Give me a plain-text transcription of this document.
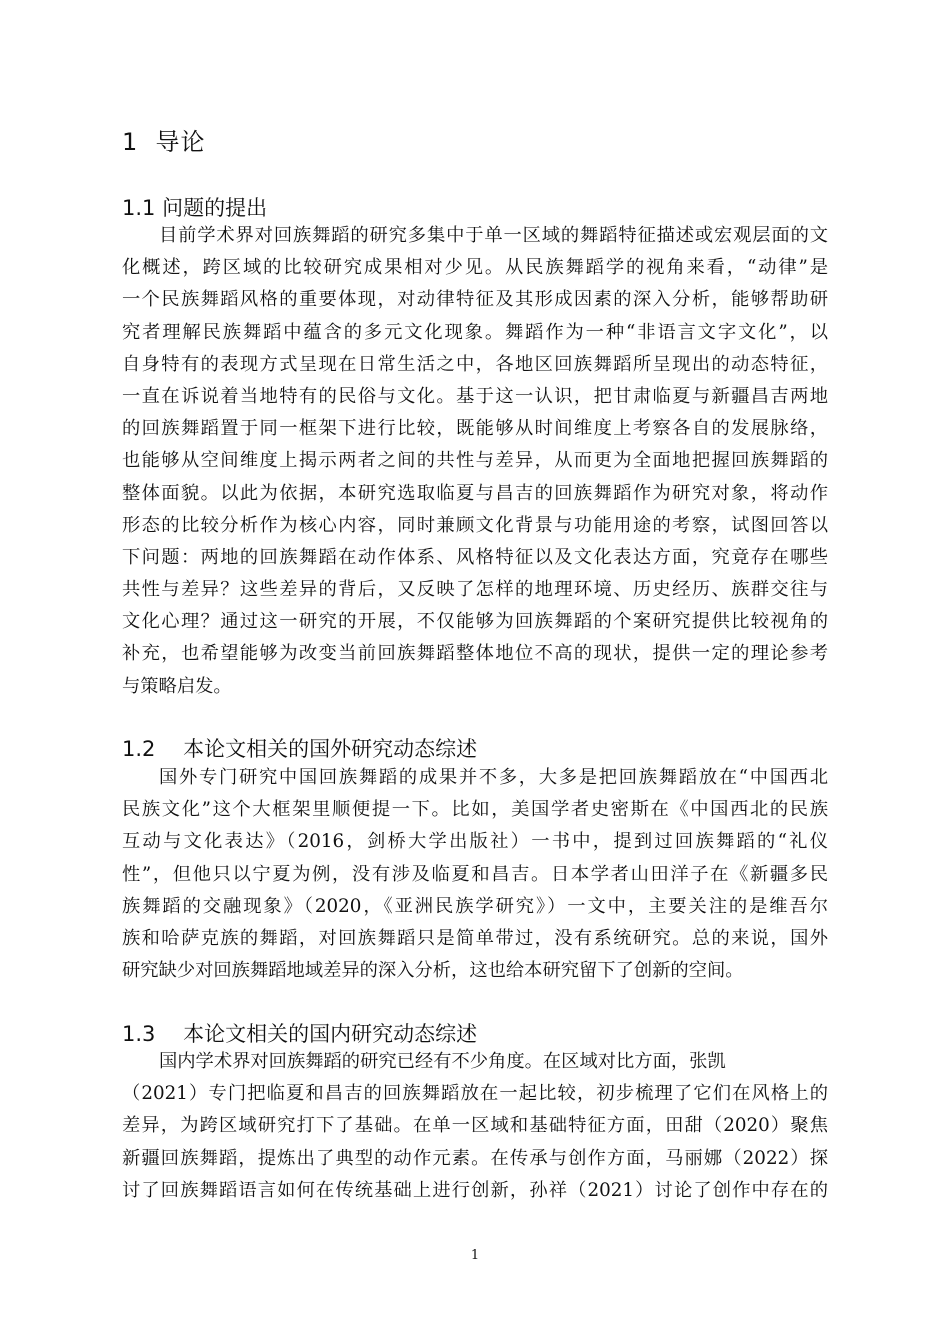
1 导论
1.1 问题的提出
目前学术界对回族舞蹈的研究多集中于单一区域的舞蹈特征描述或宏观层面的文
化概述，跨区域的比较研究成果相对少见。从民族舞蹈学的视角来看，“动律”是
一个民族舞蹈风格的重要体现，对动律特征及其形成因素的深入分析，能够帮助研
究者理解民族舞蹈中蕴含的多元文化现象。舞蹈作为一种“非语言文字文化”，以
自身特有的表现方式呈现在日常生活之中，各地区回族舞蹈所呈现出的动态特征，
一直在诉说着当地特有的民俗与文化。基于这一认识，把甘肃临夏与新疆昌吉两地
的回族舞蹈置于同一框架下进行比较，既能够从时间维度上考察各自的发展脉络，
也能够从空间维度上揭示两者之间的共性与差异，从而更为全面地把握回族舞蹈的
整体面貌。以此为依据，本研究选取临夏与昌吉的回族舞蹈作为研究对象，将动作
形态的比较分析作为核心内容，同时兼顾文化背景与功能用途的考察，试图回答以
下问题：两地的回族舞蹈在动作体系、风格特征以及文化表达方面，究竟存在哪些
共性与差异？这些差异的背后，又反映了怎样的地理环境、历史经历、族群交往与
文化心理？通过这一研究的开展，不仅能够为回族舞蹈的个案研究提供比较视角的
补充，也希望能够为改变当前回族舞蹈整体地位不高的现状，提供一定的理论参考
与策略启发。
1.2　 本论文相关的国外研究动态综述
国外专门研究中国回族舞蹈的成果并不多，大多是把回族舞蹈放在“中国西北
民族文化”这个大框架里顺便提一下。比如，美国学者史密斯在《中国西北的民族
互动与文化表达》（2016，剑桥大学出版社）一书中，提到过回族舞蹈的“礼仪
性”，但他只以宁夏为例，没有涉及临夏和昌吉。日本学者山田洋子在《新疆多民
族舞蹈的交融现象》（2020，《亚洲民族学研究》）一文中，主要关注的是维吾尔
族和哈萨克族的舞蹈，对回族舞蹈只是简单带过，没有系统研究。总的来说，国外
研究缺少对回族舞蹈地域差异的深入分析，这也给本研究留下了创新的空间。
1.3　 本论文相关的国内研究动态综述
国内学术界对回族舞蹈的研究已经有不少角度。在区域对比方面，张凯
（2021）专门把临夏和昌吉的回族舞蹈放在一起比较，初步梳理了它们在风格上的
差异，为跨区域研究打下了基础。在单一区域和基础特征方面，田甜（2020）聚焦
新疆回族舞蹈，提炼出了典型的动作元素。在传承与创作方面，马丽娜（2022）探
讨了回族舞蹈语言如何在传统基础上进行创新，孙祥（2021）讨论了创作中存在的
1
